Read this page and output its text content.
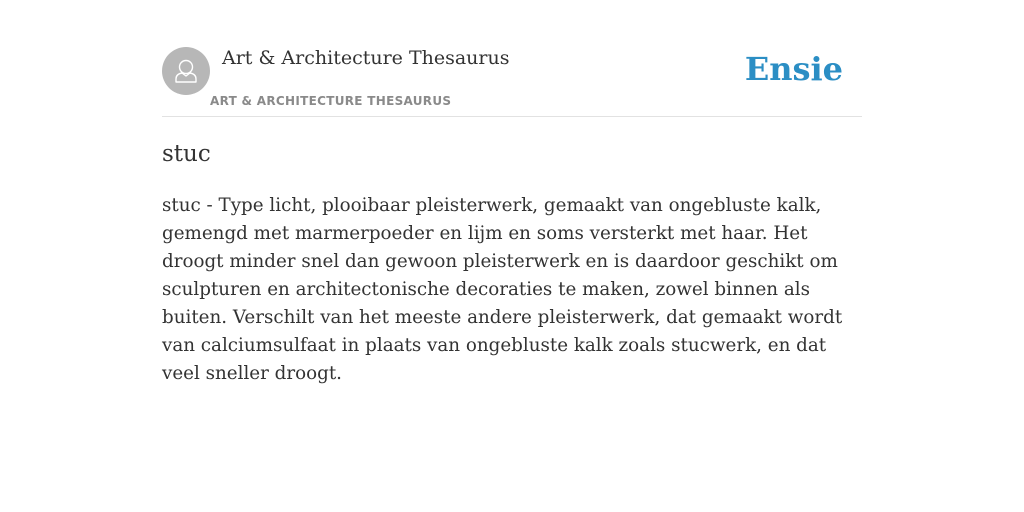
Art & Architecture Thesaurus
ART & ARCHITECTURE THESAURUS
Ensie
stuc

stuc - Type licht, plooibaar pleisterwerk, gemaakt van ongebluste kalk, gemengd met marmerpoeder en lijm en soms versterkt met haar. Het droogt minder snel dan gewoon pleisterwerk en is daardoor geschikt om sculpturen en architectonische decoraties te maken, zowel binnen als buiten. Verschilt van het meeste andere pleisterwerk, dat gemaakt wordt van calciumsulfaat in plaats van ongebluste kalk zoals stucwerk, en dat veel sneller droogt.
